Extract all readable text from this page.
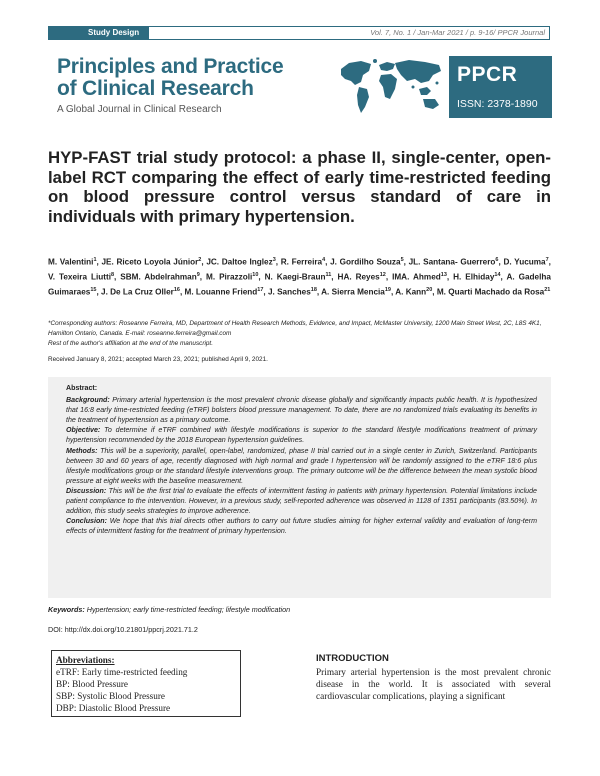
Study Design	Vol. 7, No. 1 / Jan-Mar 2021 / p. 9-16/ PPCR Journal
Principles and Practice
of Clinical Research
A Global Journal in Clinical Research
PPCR
ISSN: 2378-1890
HYP-FAST trial study protocol: a phase II, single-center, open-label RCT comparing the effect of early time-restricted feeding on blood pressure control versus standard of care in individuals with primary hypertension.
M. Valentini$^1$, JE. Riceto Loyola Júnior$^2$, JC. Daltoe Inglez$^3$, R. Ferreira$^4$, J. Gordilho Souza$^5$, JL. Santana- Guerrero$^6$, D. Yucuma$^7$, V. Texeira Liutti$^8$, SBM. Abdelrahman$^9$, M. Pirazzoli$^{10}$, N. Kaegi-Braun$^{11}$, HA. Reyes$^{12}$, IMA. Ahmed$^{13}$, H. Elhiday$^{14}$, A. Gadelha Guimaraes$^{15}$, J. De La Cruz Oller$^{16}$, M. Louanne Friend$^{17}$, J. Sanches$^{18}$, A. Sierra Mencia$^{19}$, A. Kann$^{20}$, M. Quarti Machado da Rosa$^{21}$
*Corresponding authors: Roseanne Ferreira, MD, Department of Health Research Methods, Evidence, and Impact, McMaster University, 1200 Main Street West, 2C, L8S 4K1, Hamilton Ontario, Canada. E-mail: roseanne.ferreira@gmail.com
Rest of the author's affiliation at the end of the manuscript.
Received January 8, 2021; accepted March 23, 2021; published April 9, 2021.
Abstract:

Background: Primary arterial hypertension is the most prevalent chronic disease globally and significantly impacts public health. It is hypothesized that 16:8 early time-restricted feeding (eTRF) bolsters blood pressure management. To date, there are no randomized trials evaluating its benefits in the treatment of hypertension as a primary outcome.

Objective: To determine if eTRF combined with lifestyle modifications is superior to the standard lifestyle modifications treatment of primary hypertension recommended by the 2018 European hypertension guidelines.

Methods: This will be a superiority, parallel, open-label, randomized, phase II trial carried out in a single center in Zurich, Switzerland. Participants between 30 and 60 years of age, recently diagnosed with high normal and grade I hypertension will be randomly assigned to the eTRF 18:6 plus lifestyle modifications group or the standard lifestyle interventions group. The primary outcome will be the difference between the mean systolic blood pressure at eight weeks with the baseline measurement.

Discussion: This will be the first trial to evaluate the effects of intermittent fasting in patients with primary hypertension. Potential limitations include patient compliance to the intervention. However, in a previous study, self-reported adherence was observed in 1128 of 1351 participants (83.50%). In addition, this study seeks strategies to improve adherence.

Conclusion: We hope that this trial directs other authors to carry out future studies aiming for higher external validity and evaluation of long-term effects of intermittent fasting for the treatment of primary hypertension.

Keywords: Hypertension; early time-restricted feeding; lifestyle modification
DOI: http://dx.doi.org/10.21801/ppcrj.2021.71.2
Abbreviations:
eTRF: Early time-restricted feeding
BP: Blood Pressure
SBP: Systolic Blood Pressure
DBP: Diastolic Blood Pressure
INTRODUCTION
Primary arterial hypertension is the most prevalent chronic disease in the world. It is associated with several cardiovascular complications, playing a significant
